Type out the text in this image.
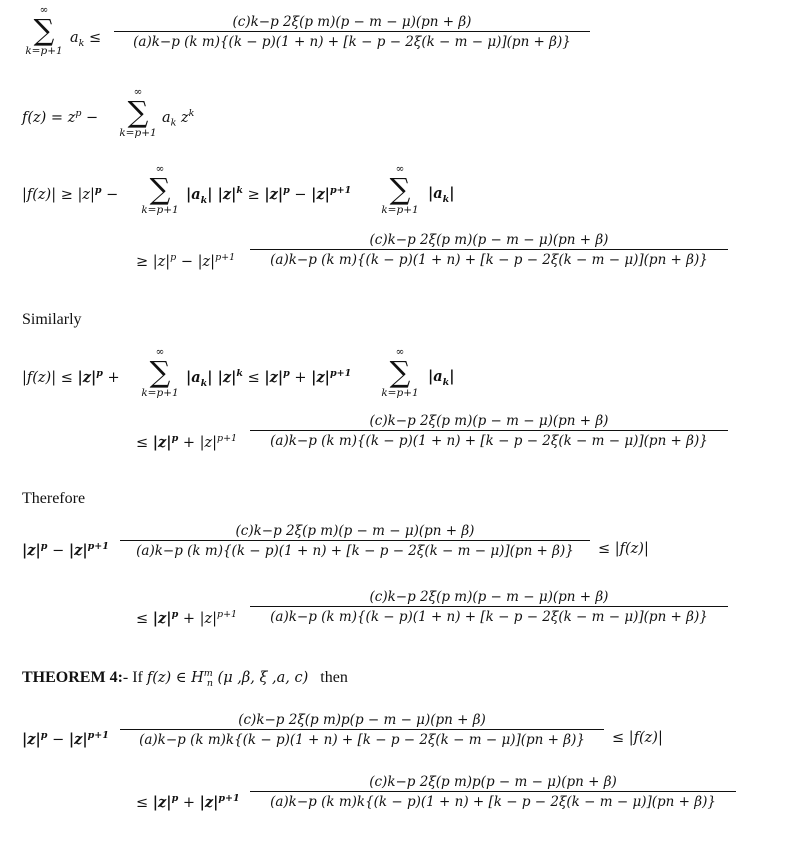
∞
∑
k=p+1
$a_k$ ≤
(c)k−p 2ξ(p m)(p − m − μ)(pn + β)
(a)k−p (k m){(k − p)(1 + n) + [k − p − 2ξ(k − m − μ)](pn + β)}
$f(z) = z^p$ −
∞
∑
k=p+1
$a_k$ $z^k$
$|f(z)| \ge |z|^p$ −
∞
∑
k=p+1
$|a_k|$ $|z|^k \ge |z|^p - |z|^{p+1}$
∞
∑
k=p+1
$|a_k|$
≥ $|z|^p - |z|^{p+1}$
(c)k−p 2ξ(p m)(p − m − μ)(pn + β)
(a)k−p (k m){(k − p)(1 + n) + [k − p − 2ξ(k − m − μ)](pn + β)}
Similarly
$|f(z)| \le |z|^p$ +
∞
∑
k=p+1
$|a_k|$ $|z|^k \le |z|^p + |z|^{p+1}$
∞
∑
k=p+1
$|a_k|$
≤ $|z|^p + |z|^{p+1}$
(c)k−p 2ξ(p m)(p − m − μ)(pn + β)
(a)k−p (k m){(k − p)(1 + n) + [k − p − 2ξ(k − m − μ)](pn + β)}
Therefore
$|z|^p - |z|^{p+1}$
(c)k−p 2ξ(p m)(p − m − μ)(pn + β)
(a)k−p (k m){(k − p)(1 + n) + [k − p − 2ξ(k − m − μ)](pn + β)}	≤ |f(z)|
≤ $|z|^p + |z|^{p+1}$
(c)k−p 2ξ(p m)(p − m − μ)(pn + β)
(a)k−p (k m){(k − p)(1 + n) + [k − p − 2ξ(k − m − μ)](pn + β)}
THEOREM 4:- If f(z) ∈ $H^m_n$ (μ ,β, ξ ,a, c) then
$|z|^p - |z|^{p+1}$
(c)k−p 2ξ(p m)p(p − m − μ)(pn + β)
(a)k−p (k m)k{(k − p)(1 + n) + [k − p − 2ξ(k − m − μ)](pn + β)}	≤ |f(z)|
≤ $|z|^p + |z|^{p+1}$
(c)k−p 2ξ(p m)p(p − m − μ)(pn + β)
(a)k−p (k m)k{(k − p)(1 + n) + [k − p − 2ξ(k − m − μ)](pn + β)}
